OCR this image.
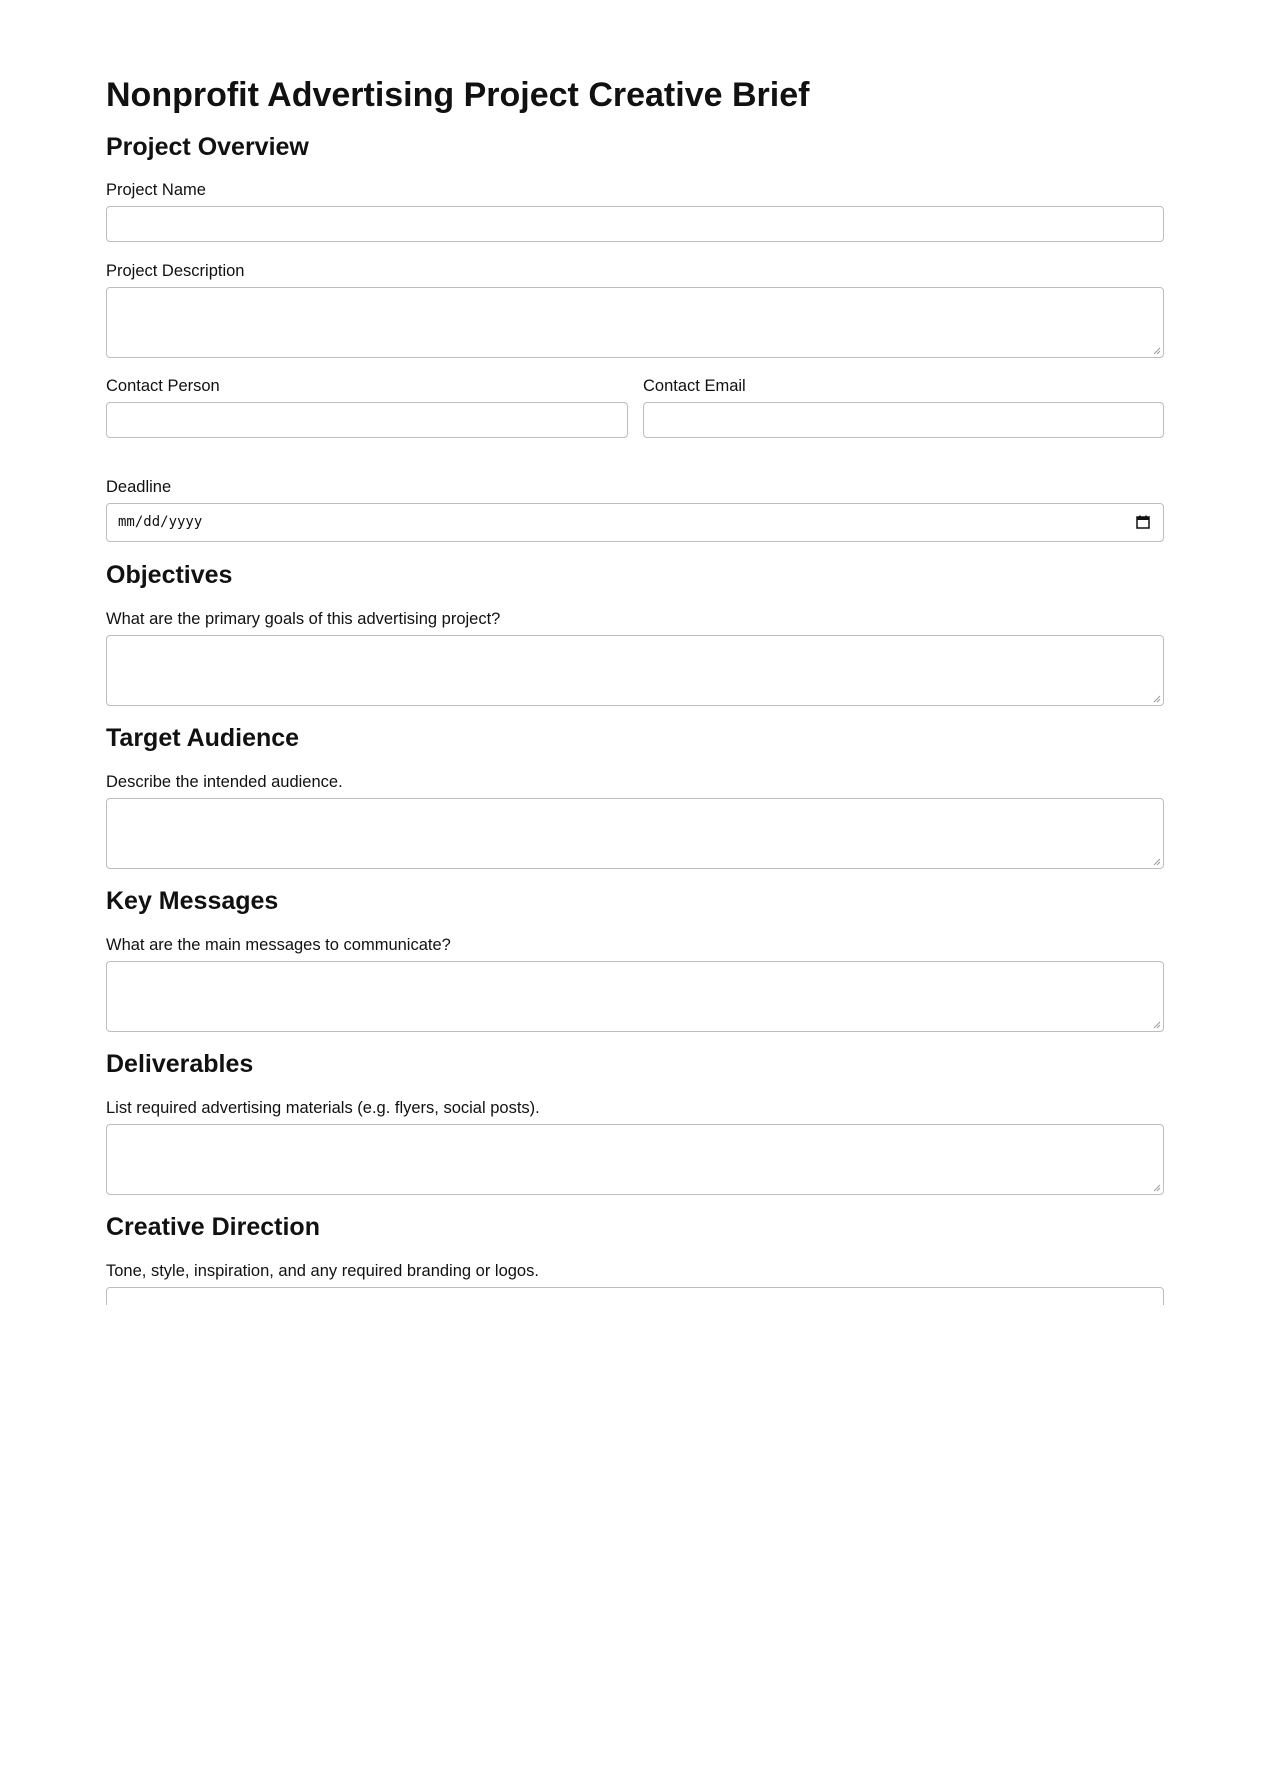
Nonprofit Advertising Project Creative Brief
Project Overview
Project Name
Project Description
Contact Person	Contact Email
Deadline
mm/dd/yyyy
Objectives
What are the primary goals of this advertising project?
Target Audience
Describe the intended audience.
Key Messages
What are the main messages to communicate?
Deliverables
List required advertising materials (e.g. flyers, social posts).
Creative Direction
Tone, style, inspiration, and any required branding or logos.
